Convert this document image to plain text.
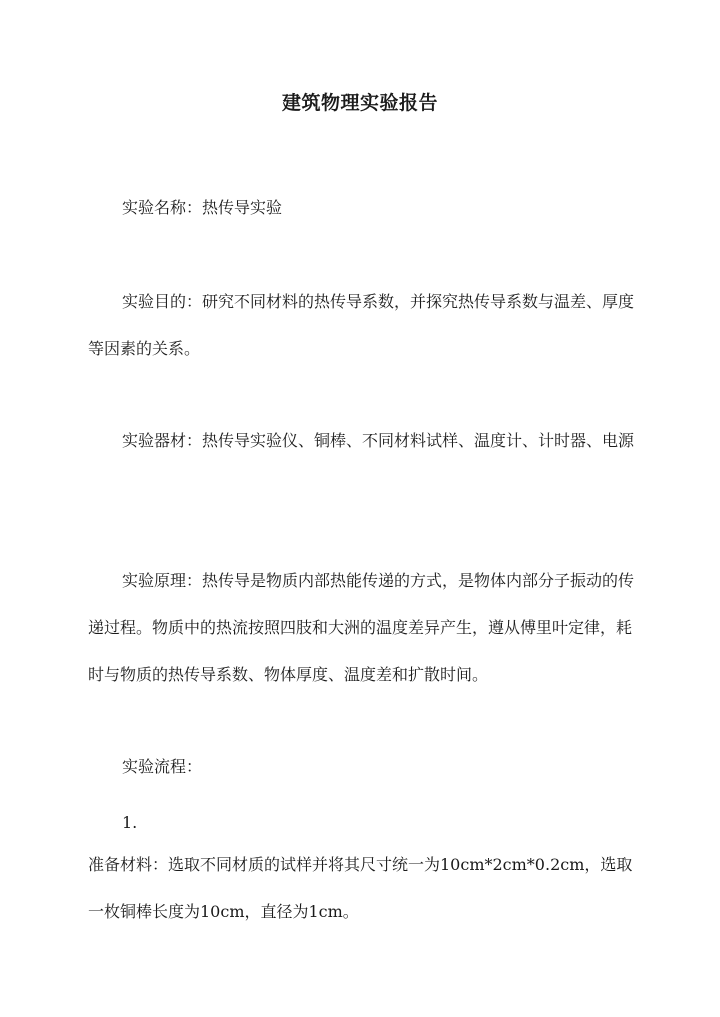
建筑物理实验报告

实验名称：热传导实验

实验目的：研究不同材料的热传导系数，并探究热传导系数与温差、厚度等因素的关系。

实验器材：热传导实验仪、铜棒、不同材料试样、温度计、计时器、电源

实验原理：热传导是物质内部热能传递的方式，是物体内部分子振动的传递过程。物质中的热流按照四肢和大洲的温度差异产生，遵从傅里叶定律，耗时与物质的热传导系数、物体厚度、温度差和扩散时间。

实验流程：

1.

准备材料：选取不同材质的试样并将其尺寸统一为10cm*2cm*0.2cm，选取一枚铜棒长度为10cm，直径为1cm。
